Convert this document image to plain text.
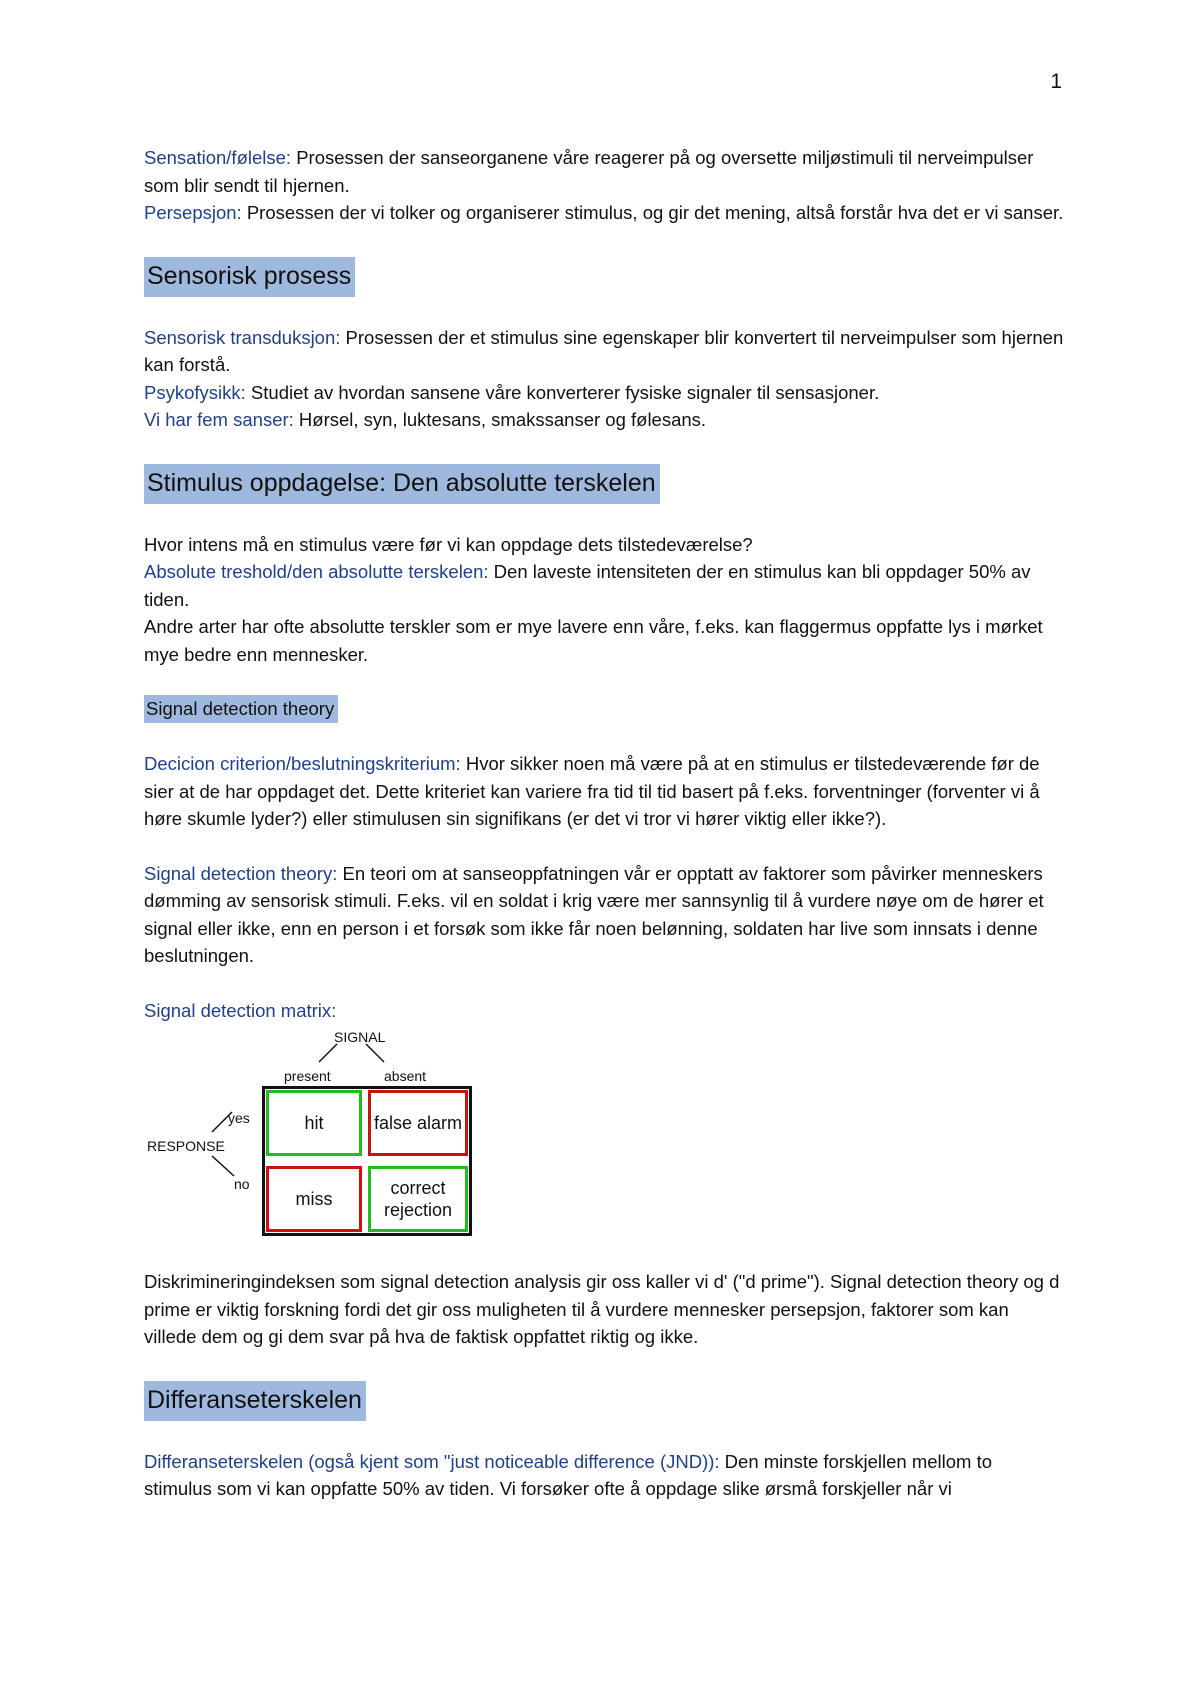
1

Sensation/følelse: Prosessen der sanseorganene våre reagerer på og oversette miljøstimuli til nerveimpulser som blir sendt til hjernen.

Persepsjon: Prosessen der vi tolker og organiserer stimulus, og gir det mening, altså forstår hva det er vi sanser.

Sensorisk prosess

Sensorisk transduksjon: Prosessen der et stimulus sine egenskaper blir konvertert til nerveimpulser som hjernen kan forstå.

Psykofysikk: Studiet av hvordan sansene våre konverterer fysiske signaler til sensasjoner.

Vi har fem sanser: Hørsel, syn, luktesans, smakssanser og følesans.

Stimulus oppdagelse: Den absolutte terskelen

Hvor intens må en stimulus være før vi kan oppdage dets tilstedeværelse?

Absolute treshold/den absolutte terskelen: Den laveste intensiteten der en stimulus kan bli oppdager 50% av tiden.

Andre arter har ofte absolutte terskler som er mye lavere enn våre, f.eks. kan flaggermus oppfatte lys i mørket mye bedre enn mennesker.

Signal detection theory

Decicion criterion/beslutningskriterium: Hvor sikker noen må være på at en stimulus er tilstedeværende før de sier at de har oppdaget det. Dette kriteriet kan variere fra tid til tid basert på f.eks. forventninger (forventer vi å høre skumle lyder?) eller stimulusen sin signifikans (er det vi tror vi hører viktig eller ikke?).

Signal detection theory: En teori om at sanseoppfatningen vår er opptatt av faktorer som påvirker menneskers dømming av sensorisk stimuli. F.eks. vil en soldat i krig være mer sannsynlig til å vurdere nøye om de hører et signal eller ikke, enn en person i et forsøk som ikke får noen belønning, soldaten har live som innsats i denne beslutningen.

Signal detection matrix:

SIGNAL
present	absent
yes
RESPONSE
no
hit	false alarm
miss
correct rejection

Diskrimineringindeksen som signal detection analysis gir oss kaller vi d' ("d prime"). Signal detection theory og d prime er viktig forskning fordi det gir oss muligheten til å vurdere mennesker persepsjon, faktorer som kan villede dem og gi dem svar på hva de faktisk oppfattet riktig og ikke.

Differanseterskelen

Differanseterskelen (også kjent som "just noticeable difference (JND)): Den minste forskjellen mellom to stimulus som vi kan oppfatte 50% av tiden. Vi forsøker ofte å oppdage slike ørsmå forskjeller når vi
